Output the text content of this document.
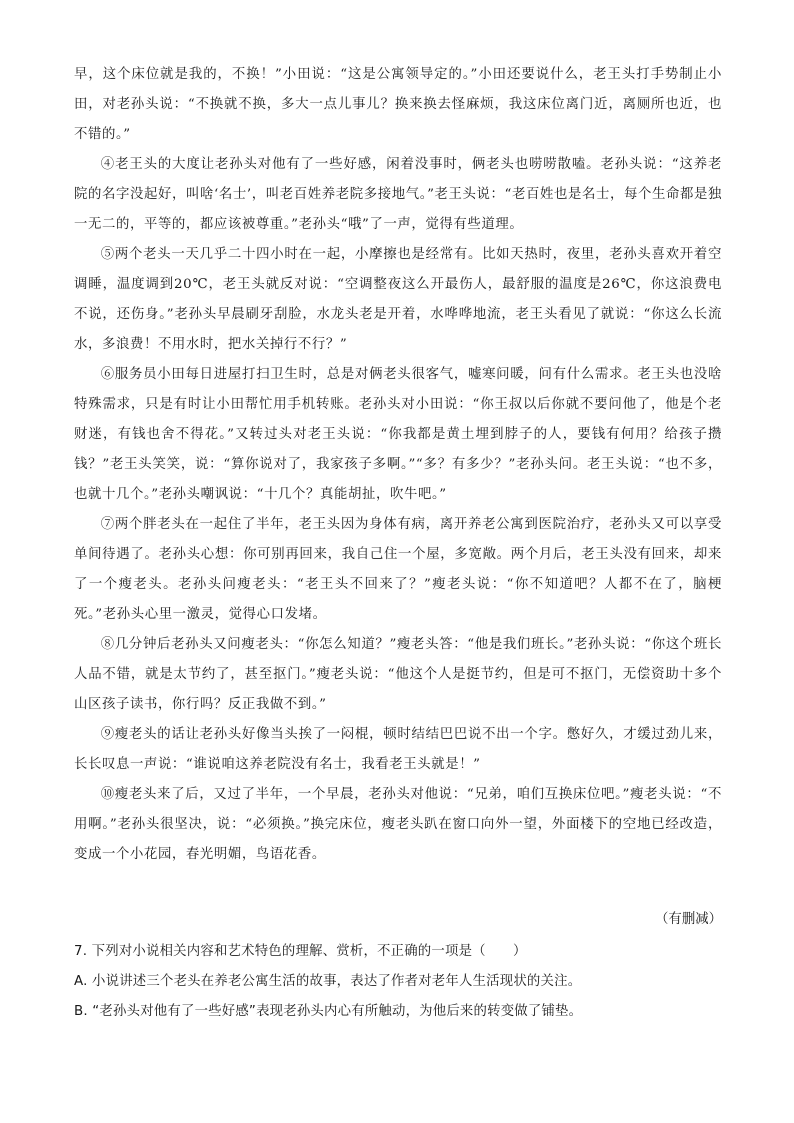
早，这个床位就是我的，不换！”小田说：“这是公寓领导定的。”小田还要说什么，老王头打手势制止小田，对老孙头说：“不换就不换，多大一点儿事儿？换来换去怪麻烦，我这床位离门近，离厕所也近，也不错的。”

④老王头的大度让老孙头对他有了一些好感，闲着没事时，俩老头也唠唠散嗑。老孙头说：“这养老院的名字没起好，叫啥‘名士’，叫老百姓养老院多接地气。”老王头说：“老百姓也是名士，每个生命都是独一无二的，平等的，都应该被尊重。”老孙头“哦”了一声，觉得有些道理。

⑤两个老头一天几乎二十四小时在一起，小摩擦也是经常有。比如天热时，夜里，老孙头喜欢开着空调睡，温度调到20℃，老王头就反对说：“空调整夜这么开最伤人，最舒服的温度是26℃，你这浪费电不说，还伤身。”老孙头早晨刷牙刮脸，水龙头老是开着，水哗哗地流，老王头看见了就说：“你这么长流水，多浪费！不用水时，把水关掉行不行？”

⑥服务员小田每日进屋打扫卫生时，总是对俩老头很客气，嘘寒问暖，问有什么需求。老王头也没啥特殊需求，只是有时让小田帮忙用手机转账。老孙头对小田说：“你王叔以后你就不要问他了，他是个老财迷，有钱也舍不得花。”又转过头对老王头说：“你我都是黄土埋到脖子的人，要钱有何用？给孩子攒钱？”老王头笑笑，说：“算你说对了，我家孩子多啊。”“多？有多少？”老孙头问。老王头说：“也不多，也就十几个。”老孙头嘲讽说：“十几个？真能胡扯，吹牛吧。”

⑦两个胖老头在一起住了半年，老王头因为身体有病，离开养老公寓到医院治疗，老孙头又可以享受单间待遇了。老孙头心想：你可别再回来，我自己住一个屋，多宽敞。两个月后，老王头没有回来，却来了一个瘦老头。老孙头问瘦老头：“老王头不回来了？”瘦老头说：“你不知道吧？人都不在了，脑梗死。”老孙头心里一激灵，觉得心口发堵。

⑧几分钟后老孙头又问瘦老头：“你怎么知道？”瘦老头答：“他是我们班长。”老孙头说：“你这个班长人品不错，就是太节约了，甚至抠门。”瘦老头说：“他这个人是挺节约，但是可不抠门，无偿资助十多个山区孩子读书，你行吗？反正我做不到。”

⑨瘦老头的话让老孙头好像当头挨了一闷棍，顿时结结巴巴说不出一个字。憋好久，才缓过劲儿来，长长叹息一声说：“谁说咱这养老院没有名士，我看老王头就是！”

⑩瘦老头来了后，又过了半年，一个早晨，老孙头对他说：“兄弟，咱们互换床位吧。”瘦老头说：“不用啊。”老孙头很坚决，说：“必须换。”换完床位，瘦老头趴在窗口向外一望，外面楼下的空地已经改造，变成一个小花园，春光明媚，鸟语花香。

（有删减）

7. 下列对小说相关内容和艺术特色的理解、赏析，不正确的一项是（　　）

A. 小说讲述三个老头在养老公寓生活的故事，表达了作者对老年人生活现状的关注。

B. “老孙头对他有了一些好感”表现老孙头内心有所触动，为他后来的转变做了铺垫。
